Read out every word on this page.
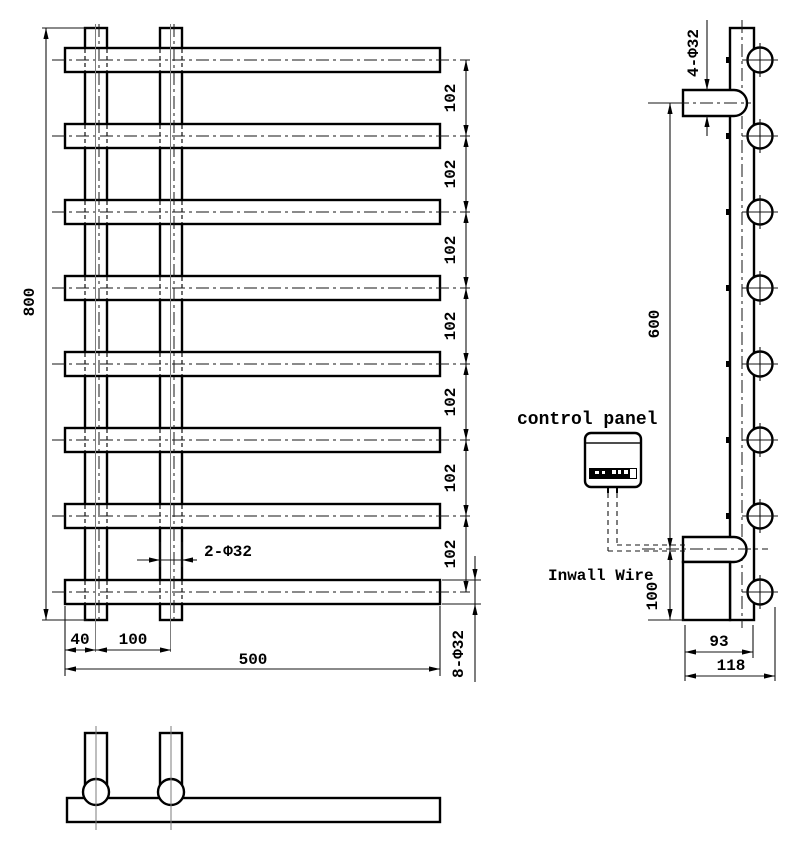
800
102
102
102
102
102
102
102
2-Φ32
8-Φ32
40 100
500
4-Φ32
600
100
93
118
control panel
Inwall Wire
